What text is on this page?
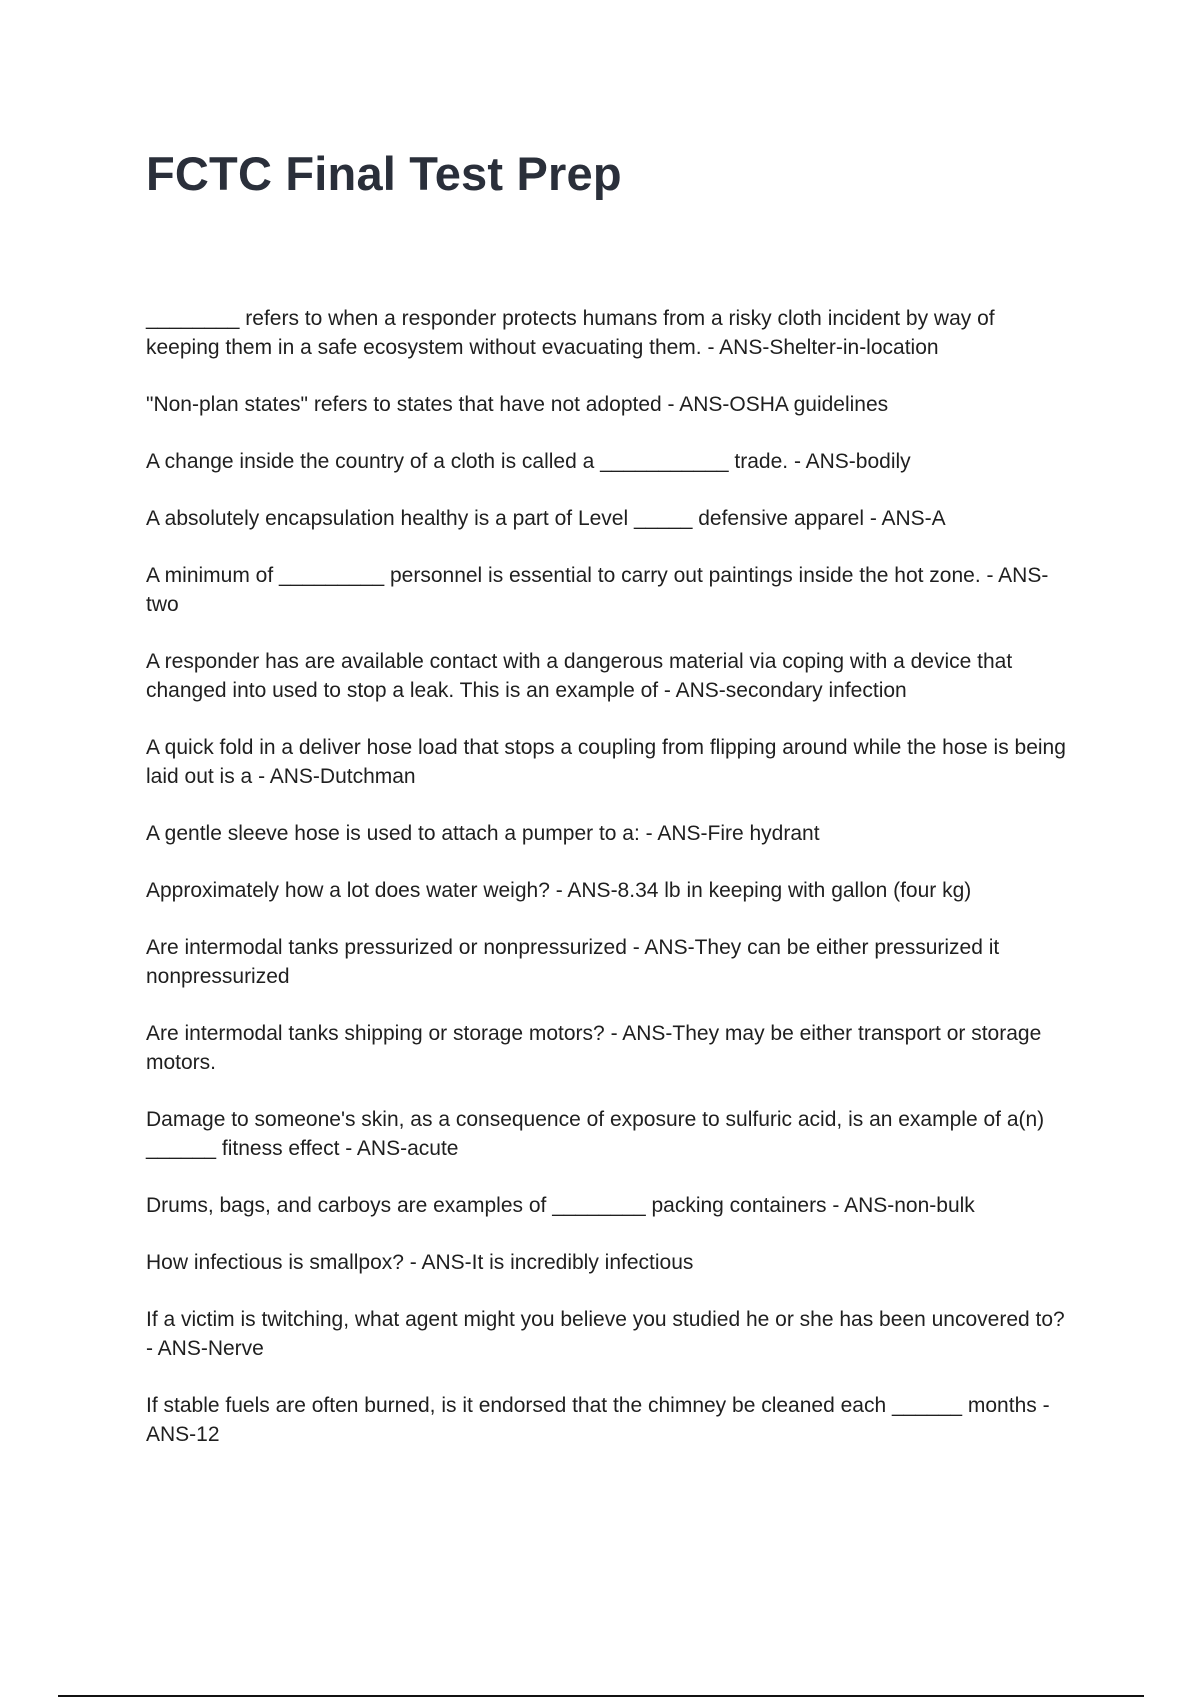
FCTC Final Test Prep

________ refers to when a responder protects humans from a risky cloth incident by way of keeping them in a safe ecosystem without evacuating them. - ANS-Shelter-in-location

"Non-plan states" refers to states that have not adopted - ANS-OSHA guidelines

A change inside the country of a cloth is called a ___________ trade. - ANS-bodily

A absolutely encapsulation healthy is a part of Level _____ defensive apparel - ANS-A

A minimum of _________ personnel is essential to carry out paintings inside the hot zone. - ANS-two

A responder has are available contact with a dangerous material via coping with a device that changed into used to stop a leak. This is an example of - ANS-secondary infection

A quick fold in a deliver hose load that stops a coupling from flipping around while the hose is being laid out is a - ANS-Dutchman

A gentle sleeve hose is used to attach a pumper to a: - ANS-Fire hydrant

Approximately how a lot does water weigh? - ANS-8.34 lb in keeping with gallon (four kg)

Are intermodal tanks pressurized or nonpressurized - ANS-They can be either pressurized it nonpressurized

Are intermodal tanks shipping or storage motors? - ANS-They may be either transport or storage motors.

Damage to someone's skin, as a consequence of exposure to sulfuric acid, is an example of a(n) ______ fitness effect - ANS-acute

Drums, bags, and carboys are examples of ________ packing containers - ANS-non-bulk

How infectious is smallpox? - ANS-It is incredibly infectious

If a victim is twitching, what agent might you believe you studied he or she has been uncovered to? - ANS-Nerve

If stable fuels are often burned, is it endorsed that the chimney be cleaned each ______ months - ANS-12
